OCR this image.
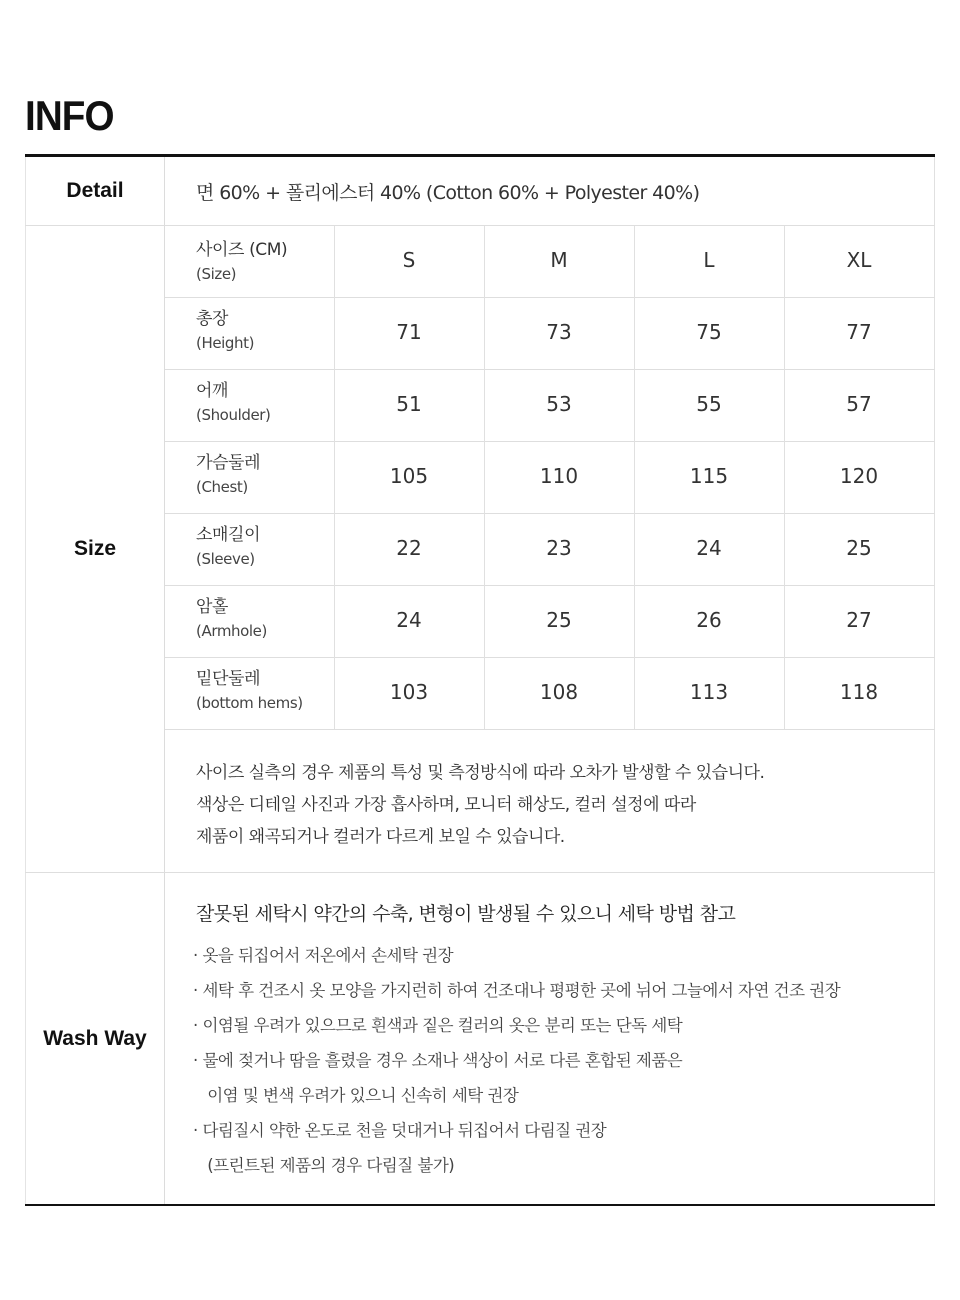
INFO
Detail	면 60% + 폴리에스터 40% (Cotton 60% + Polyester 40%)
Size
사이즈 (CM)
(Size)
S	M	L	XL
총장
(Height)	71	73	75	77
어깨
(Shoulder)	51	53	55	57
가슴둘레
(Chest)	105	110	115	120
소매길이
(Sleeve)	22	23	24	25
암홀
(Armhole)	24	25	26	27
밑단둘레
(bottom hems)	103	108	113	118
사이즈 실측의 경우 제품의 특성 및 측정방식에 따라 오차가 발생할 수 있습니다.
색상은 디테일 사진과 가장 흡사하며, 모니터 해상도, 컬러 설정에 따라
제품이 왜곡되거나 컬러가 다르게 보일 수 있습니다.
Wash Way
잘못된 세탁시 약간의 수축, 변형이 발생될 수 있으니 세탁 방법 참고
· 옷을 뒤집어서 저온에서 손세탁 권장
· 세탁 후 건조시 옷 모양을 가지런히 하여 건조대나 평평한 곳에 뉘어 그늘에서 자연 건조 권장
· 이염될 우려가 있으므로 흰색과 짙은 컬러의 옷은 분리 또는 단독 세탁
· 물에 젖거나 땀을 흘렸을 경우 소재나 색상이 서로 다른 혼합된 제품은
이염 및 변색 우려가 있으니 신속히 세탁 권장
· 다림질시 약한 온도로 천을 덧대거나 뒤집어서 다림질 권장
(프린트된 제품의 경우 다림질 불가)
